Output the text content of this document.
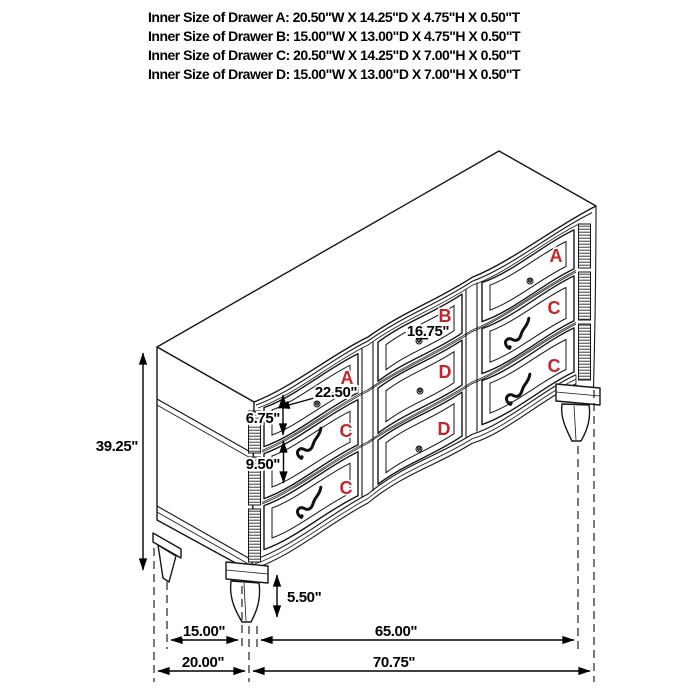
Inner Size of Drawer A: 20.50"W X 14.25"D X 4.75"H X 0.50"T
Inner Size of Drawer B: 15.00"W X 13.00"D X 4.75"H X 0.50"T
Inner Size of Drawer C: 20.50"W X 14.25"D X 7.00"H X 0.50"T
Inner Size of Drawer D: 15.00"W X 13.00"D X 7.00"H X 0.50"T
39.25"
6.75"
9.50"
22.50"
16.75"
5.50"
15.00"	65.00"
20.00"	70.75"
A
B
A
C
D
C
C
D
C
